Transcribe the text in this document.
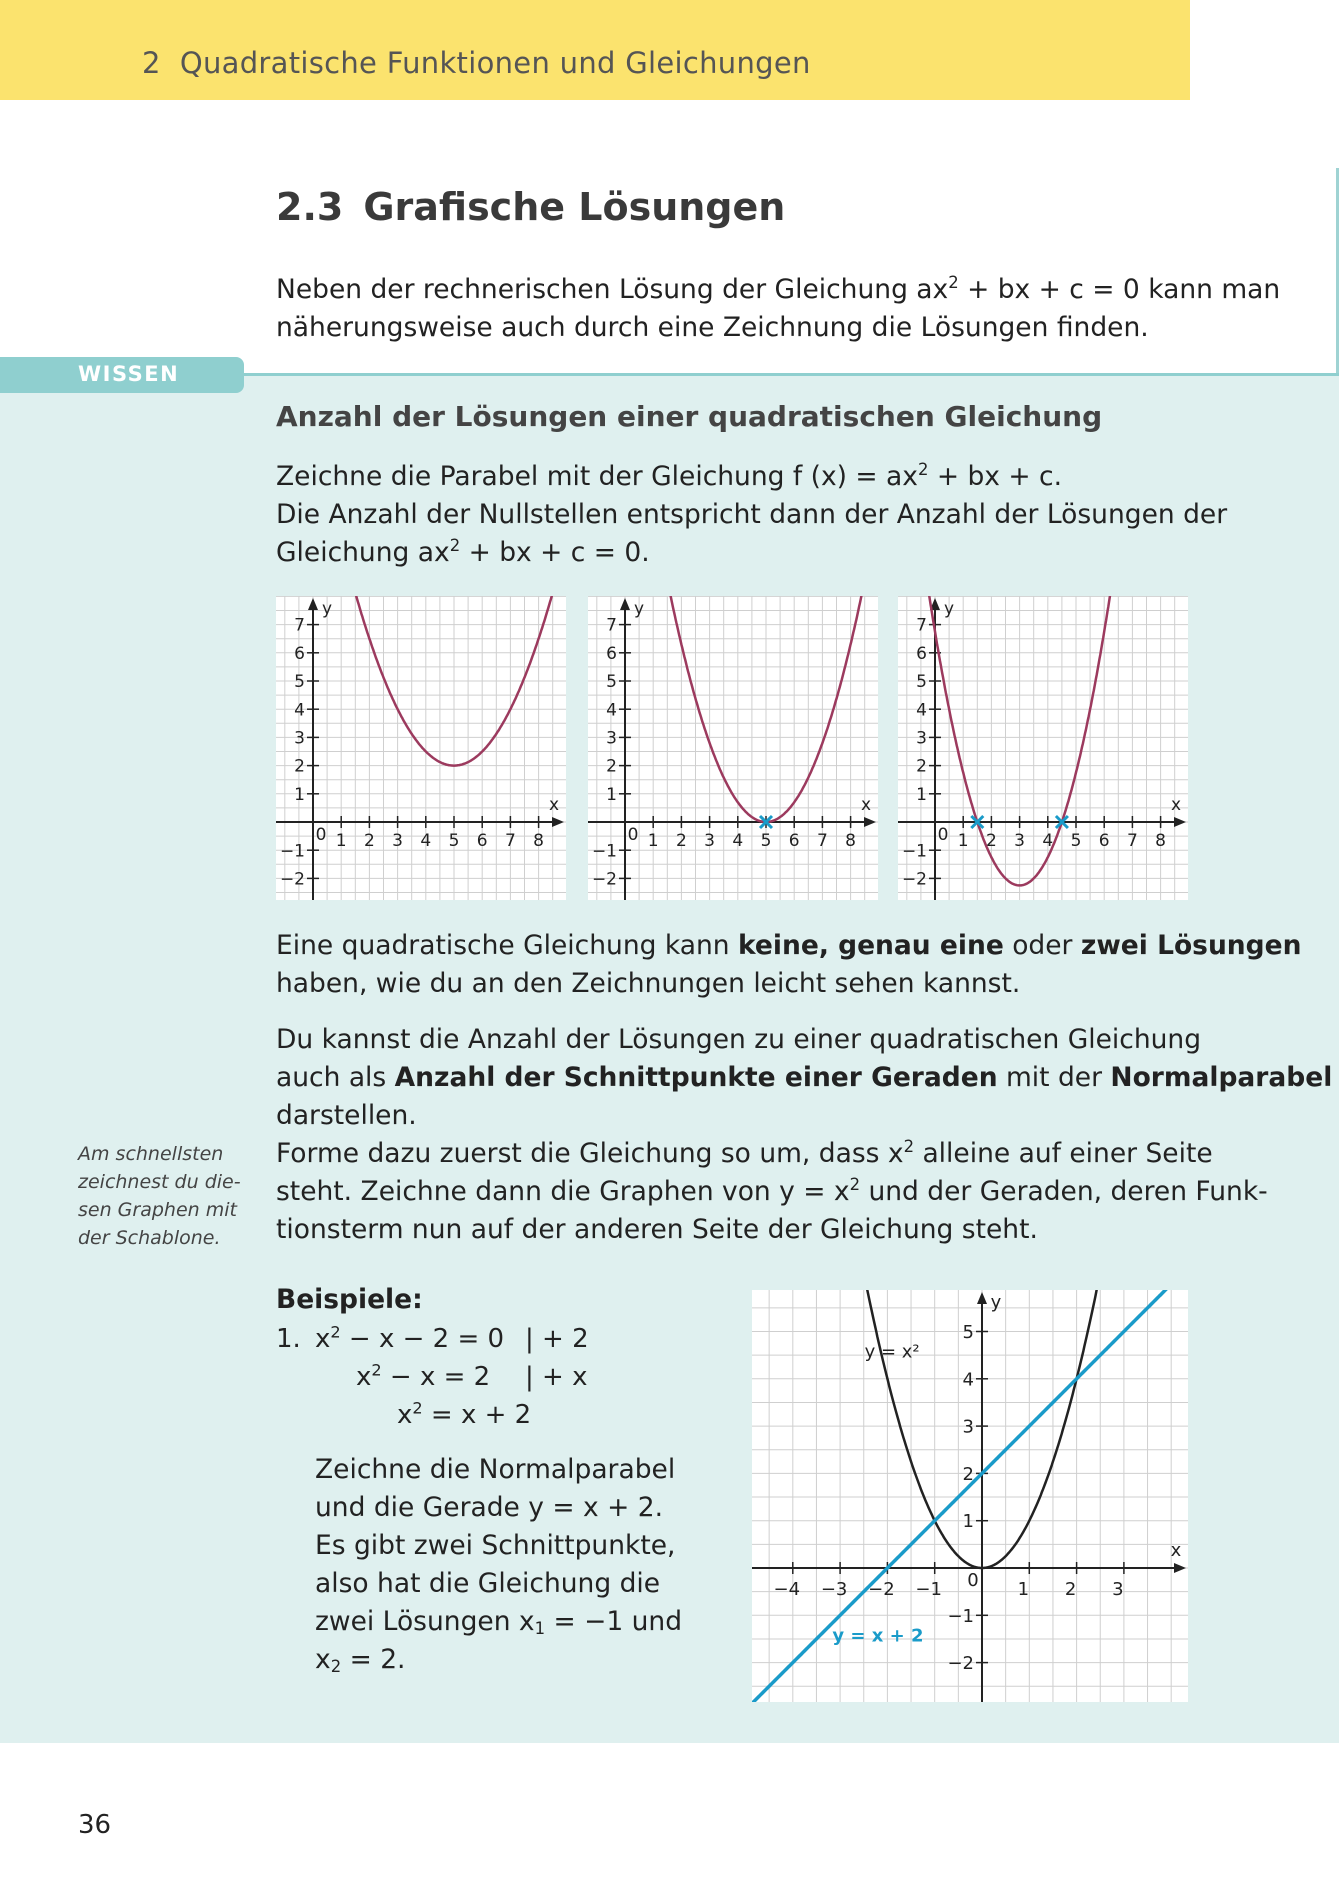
2 Quadratische Funktionen und Gleichungen
2.3 Grafische Lösungen
Neben der rechnerischen Lösung der Gleichung $ax^2$ + bx + c = 0 kann man
näherungsweise auch durch eine Zeichnung die Lösungen finden.
WISSEN
Anzahl der Lösungen einer quadratischen Gleichung
Zeichne die Parabel mit der Gleichung f $(x) = ax^2$ + bx + c.
Die Anzahl der Nullstellen entspricht dann der Anzahl der Lösungen der
Gleichung $ax^2$ + bx + c = 0.
x
y
0 1 2 3 4 5 6 7 8
−2
−1
1
2
3
4
5
6
7
x
y
0 1 2 3 4 5 6 7 8
−2
−1
1
2
3
4
5
6
7
x
y
0 1 2 3 4 5 6 7 8
−2
−1
1
2
3
4
5
6
7
Eine quadratische Gleichung kann keine, genau eine oder zwei Lösungen
haben, wie du an den Zeichnungen leicht sehen kannst.
Du kannst die Anzahl der Lösungen zu einer quadratischen Gleichung
auch als Anzahl der Schnittpunkte einer Geraden mit der Normalparabel
darstellen.
Forme dazu zuerst die Gleichung so um, dass $x^2$ alleine auf einer Seite
steht. Zeichne dann die Graphen von $y = x^2$ und der Geraden, deren Funk-
tionsterm nun auf der anderen Seite der Gleichung steht.
Am schnellsten
zeichnest du die-
sen Graphen mit
der Schablone.
Beispiele:
1. $x^2 - x - 2 = 0$ | + 2
$x^2 - x = 2$ | + x
$x^2 = x + 2$
Zeichne die Normalparabel
und die Gerade y = x + 2.
Es gibt zwei Schnittpunkte,
also hat die Gleichung die
zwei Lösungen $x_1 = -1$ und
$x_2 = 2$.
x
y
−4 −3 −2 −1	1 2 3
0
−2
−1
1
2
3
4
5
y = x²
y = x + 2
36
